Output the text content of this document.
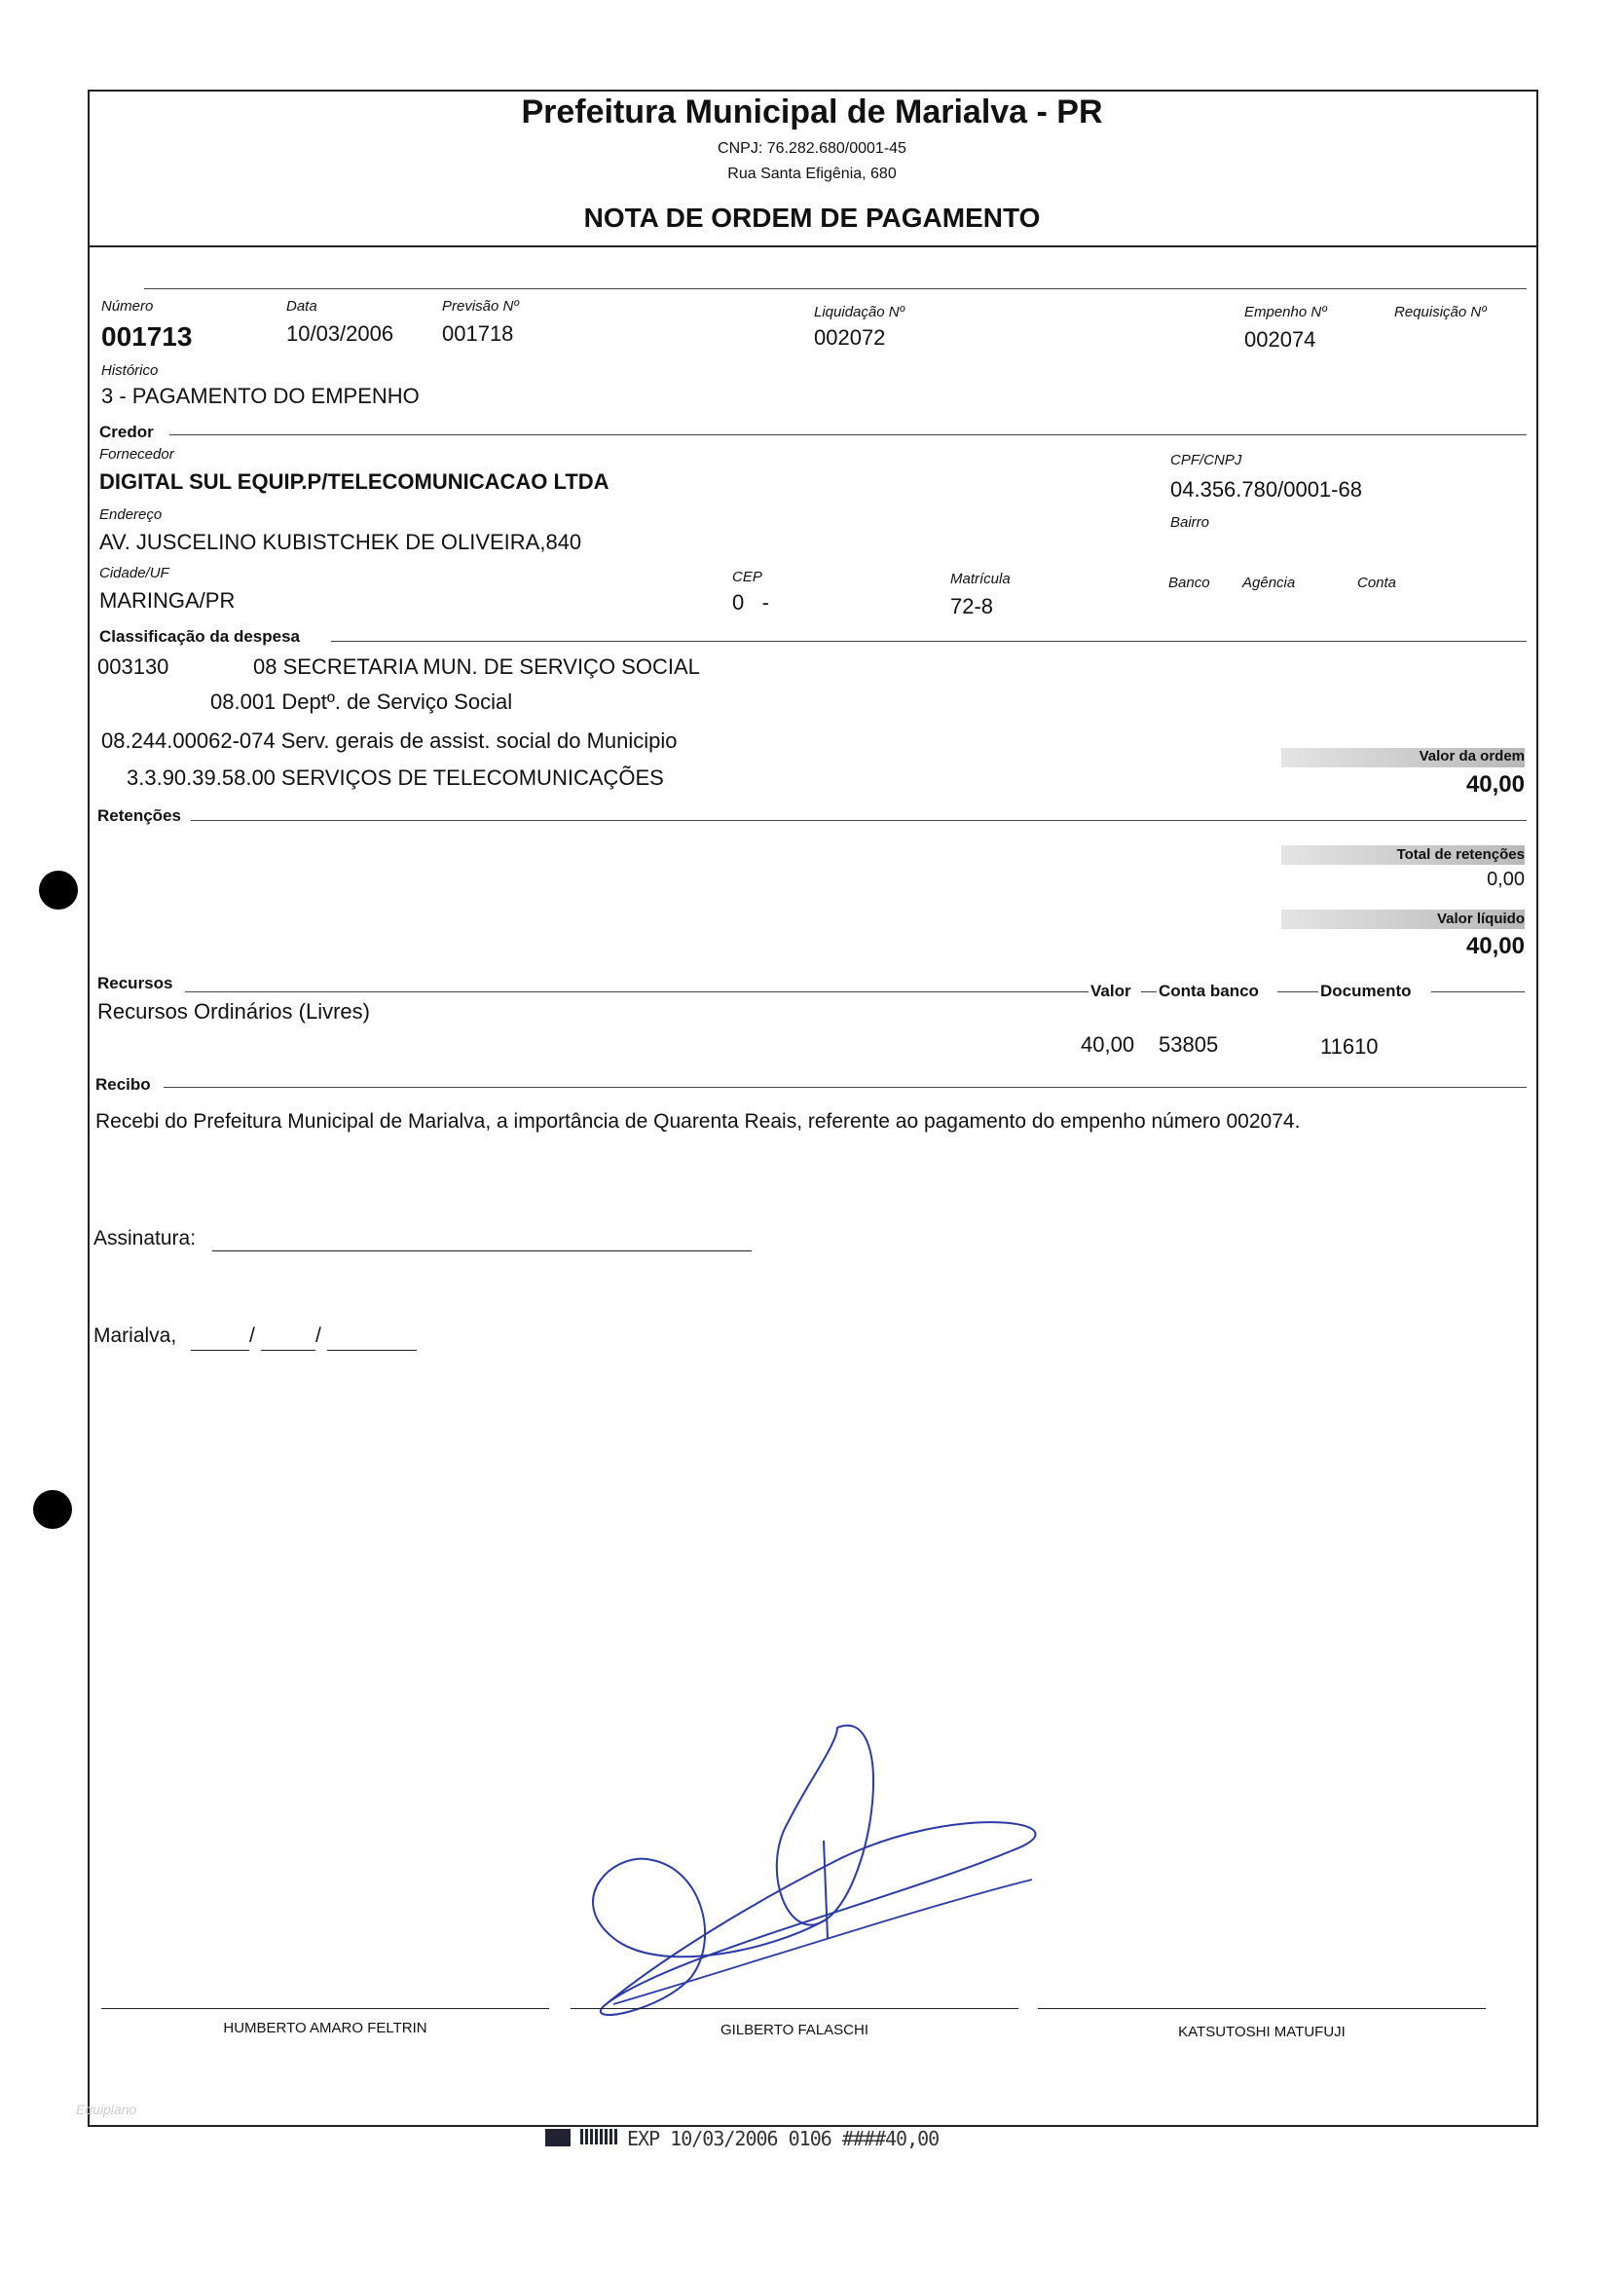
Prefeitura Municipal de Marialva - PR
CNPJ: 76.282.680/0001-45
Rua Santa Efigênia, 680
NOTA DE ORDEM DE PAGAMENTO
Número
001713
Data
10/03/2006
Previsão Nº
001718
Liquidação Nº
002072
Empenho Nº
002074
Requisição Nº
Histórico
3 - PAGAMENTO DO EMPENHO
Credor
Fornecedor
DIGITAL SUL EQUIP.P/TELECOMUNICACAO LTDA
CPF/CNPJ
04.356.780/0001-68
Endereço
AV. JUSCELINO KUBISTCHEK DE OLIVEIRA,840
Bairro
Cidade/UF
MARINGA/PR
CEP
0   -
Matrícula
72-8
Banco Agência	Conta
Classificação da despesa
003130	08 SECRETARIA MUN. DE SERVIÇO SOCIAL
08.001 Deptº. de Serviço Social
08.244.00062-074 Serv. gerais de assist. social do Municipio
3.3.90.39.58.00 SERVIÇOS DE TELECOMUNICAÇÕES
Valor da ordem
40,00
Retenções
Total de retenções
0,00
Valor líquido
40,00
Recursos	Valor Conta banco	Documento
Recursos Ordinários (Livres)
40,00 53805	11610
Recibo
Recebi do Prefeitura Municipal de Marialva, a importância de Quarenta Reais, referente ao pagamento do empenho número 002074.
Assinatura:
Marialva,	/	/
HUMBERTO AMARO FELTRIN	GILBERTO FALASCHI	KATSUTOSHI MATUFUJI
Equiplano
EXP 10/03/2006 0106 ####40,00
